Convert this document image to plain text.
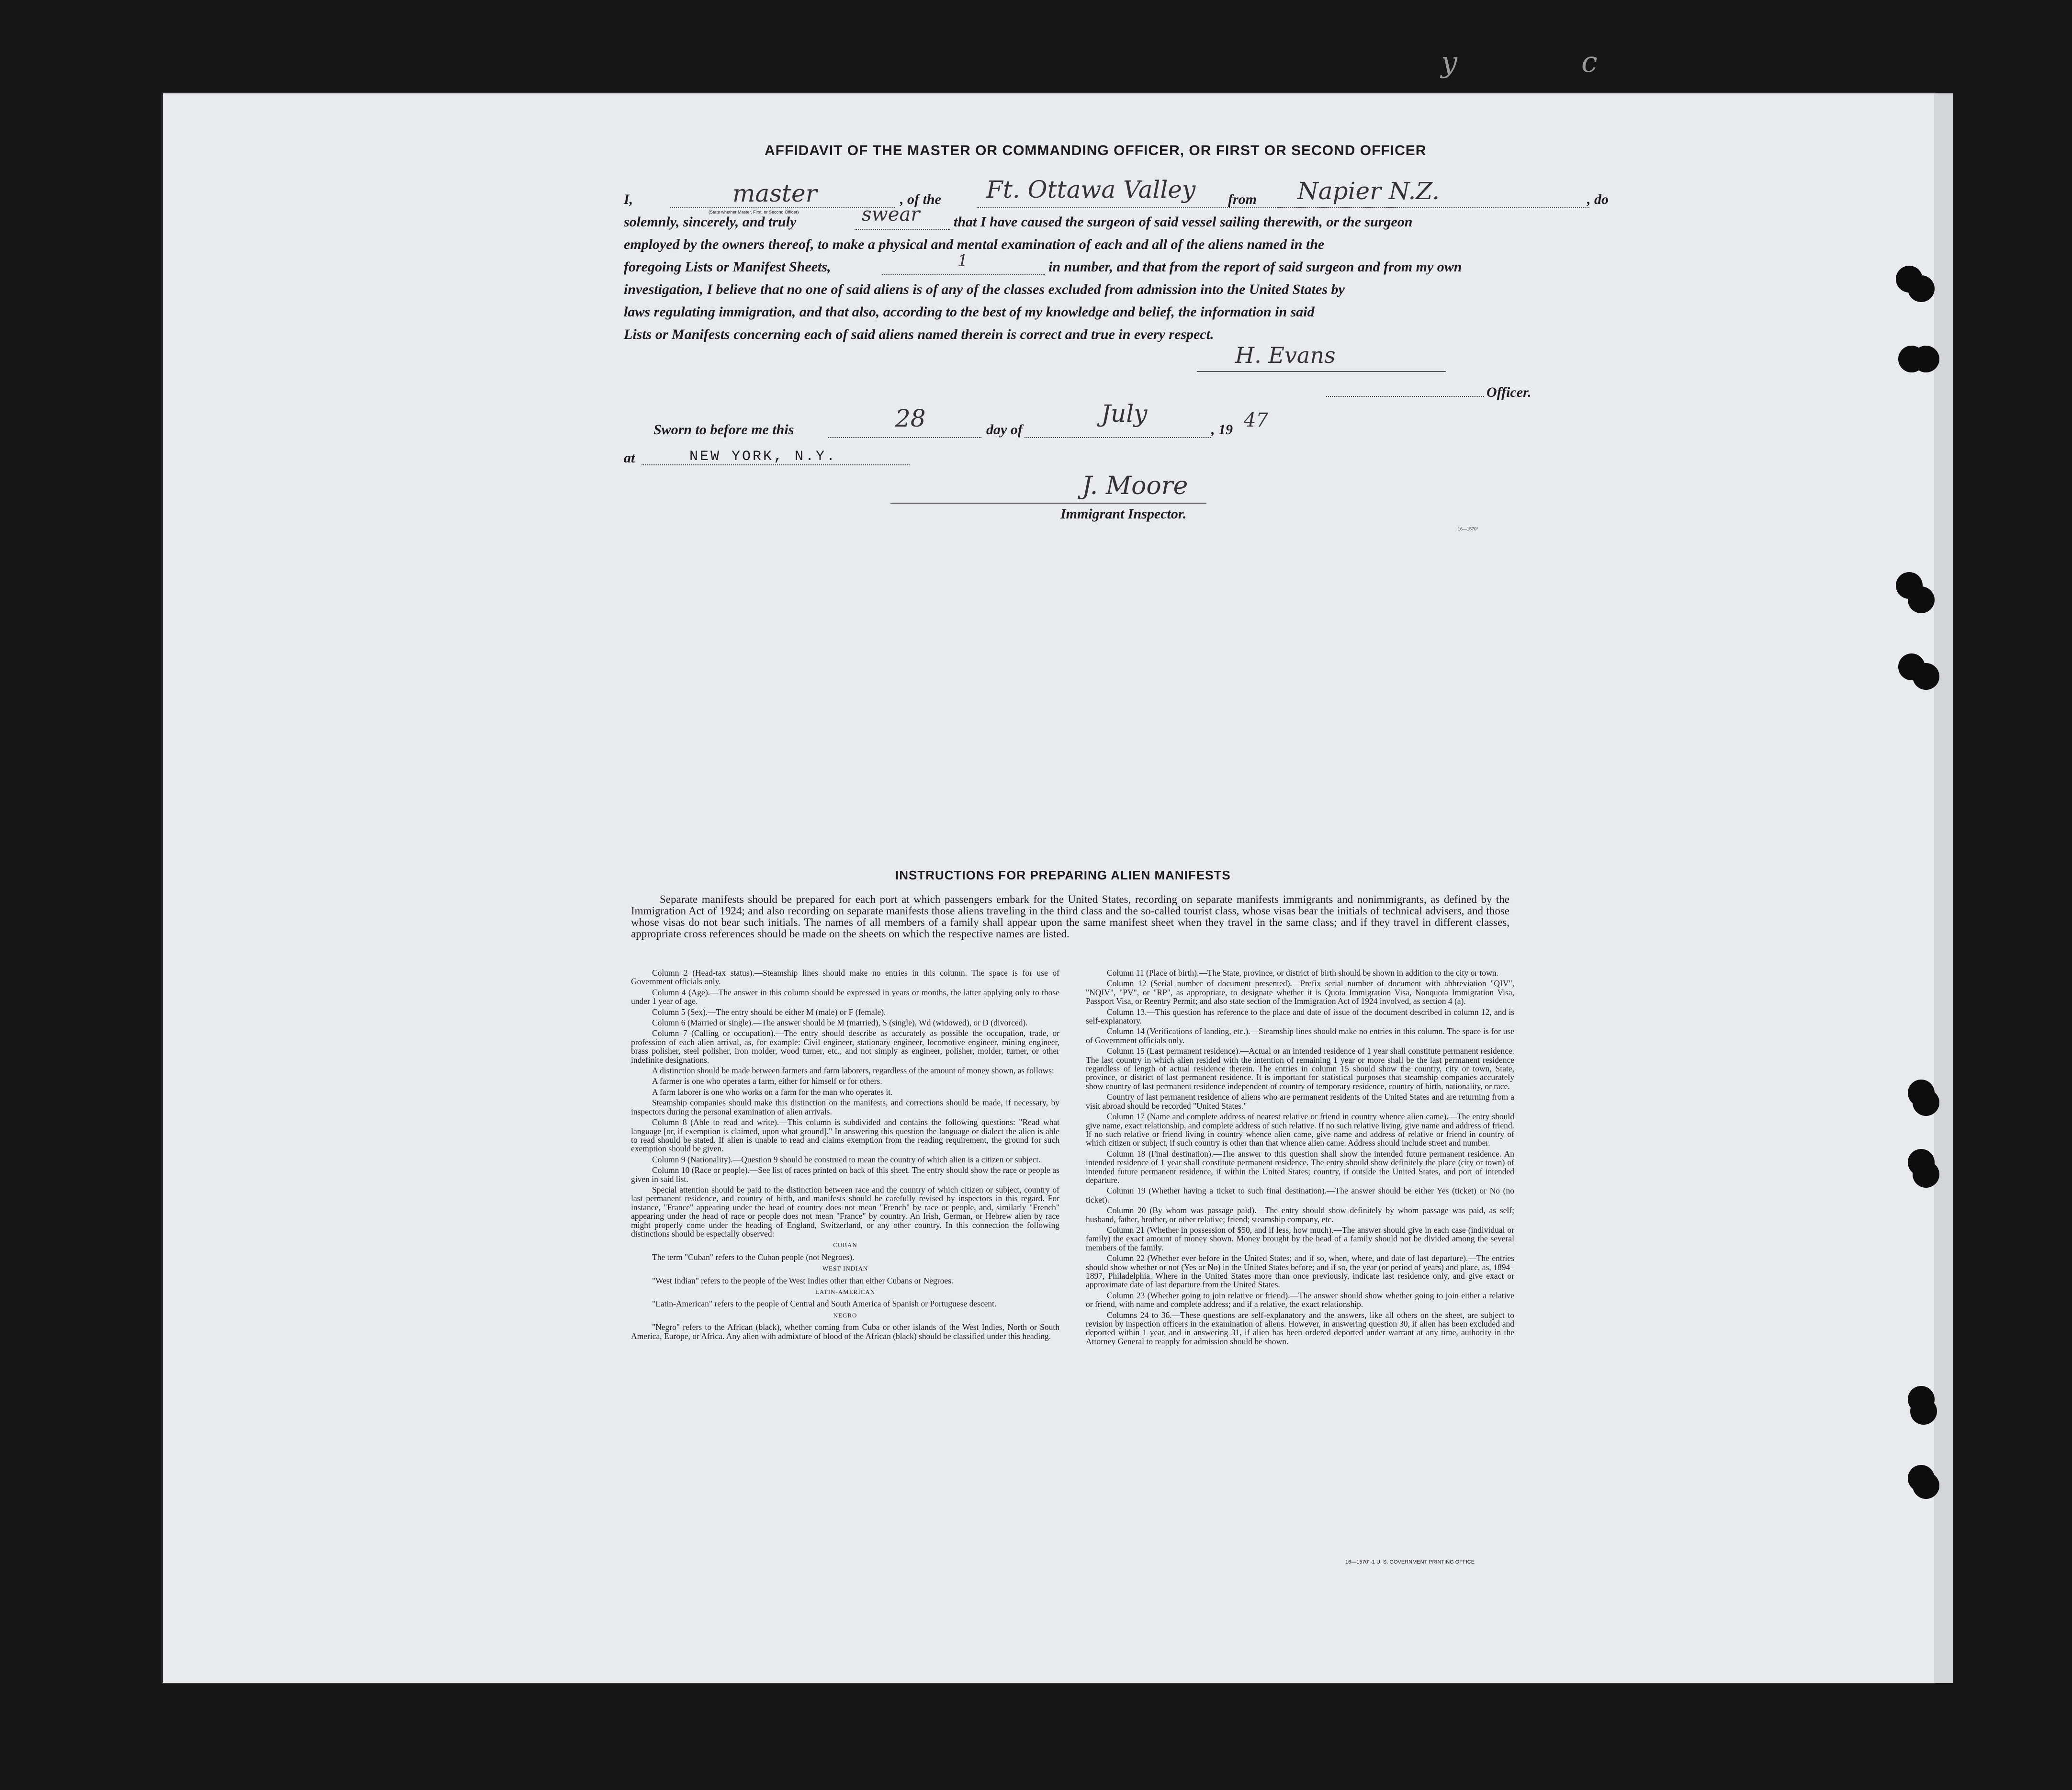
y c
AFFIDAVIT OF THE MASTER OR COMMANDING OFFICER, OR FIRST OR SECOND OFFICER
I,	master
(State whether Master, First, or Second Officer)
, of the Ft. Ottawa Valley from Napier N.Z.	, do
solemnly, sincerely, and truly	swear that I have caused the surgeon of said vessel sailing therewith, or the surgeon
employed by the owners thereof, to make a physical and mental examination of each and all of the aliens named in the
foregoing Lists or Manifest Sheets,	1	in number, and that from the report of said surgeon and from my own
investigation, I believe that no one of said aliens is of any of the classes excluded from admission into the United States by
laws regulating immigration, and that also, according to the best of my knowledge and belief, the information in said
Lists or Manifests concerning each of said aliens named therein is correct and true in every respect.
H. Evans
Officer.
Sworn to before me this	28	day of
July
, 19 47
at	NEW YORK, N.Y.
J. Moore
Immigrant Inspector.
16—1570°
INSTRUCTIONS FOR PREPARING ALIEN MANIFESTS
Separate manifests should be prepared for each port at which passengers embark for the United States, recording on separate manifests immigrants and nonimmigrants, as defined by the Immigration Act of 1924; and also recording on separate manifests those aliens traveling in the third class and the so-called tourist class, whose visas bear the initials of technical advisers, and those whose visas do not bear such initials. The names of all members of a family shall appear upon the same manifest sheet when they travel in the same class; and if they travel in different classes, appropriate cross references should be made on the sheets on which the respective names are listed.

Column 2 (Head-tax status).—Steamship lines should make no entries in this column. The space is for use of Government officials only.

Column 4 (Age).—The answer in this column should be expressed in years or months, the latter applying only to those under 1 year of age.

Column 5 (Sex).—The entry should be either M (male) or F (female).

Column 6 (Married or single).—The answer should be M (married), S (single), Wd (widowed), or D (divorced).

Column 7 (Calling or occupation).—The entry should describe as accurately as possible the occupation, trade, or profession of each alien arrival, as, for example: Civil engineer, stationary engineer, locomotive engineer, mining engineer, brass polisher, steel polisher, iron molder, wood turner, etc., and not simply as engineer, polisher, molder, turner, or other indefinite designations.

A distinction should be made between farmers and farm laborers, regardless of the amount of money shown, as follows:

A farmer is one who operates a farm, either for himself or for others.

A farm laborer is one who works on a farm for the man who operates it.

Steamship companies should make this distinction on the manifests, and corrections should be made, if necessary, by inspectors during the personal examination of alien arrivals.

Column 8 (Able to read and write).—This column is subdivided and contains the following questions: "Read what language [or, if exemption is claimed, upon what ground]." In answering this question the language or dialect the alien is able to read should be stated. If alien is unable to read and claims exemption from the reading requirement, the ground for such exemption should be given.

Column 9 (Nationality).—Question 9 should be construed to mean the country of which alien is a citizen or subject.

Column 10 (Race or people).—See list of races printed on back of this sheet. The entry should show the race or people as given in said list.

Special attention should be paid to the distinction between race and the country of which citizen or subject, country of last permanent residence, and country of birth, and manifests should be carefully revised by inspectors in this regard. For instance, "France" appearing under the head of country does not mean "French" by race or people, and, similarly "French" appearing under the head of race or people does not mean "France" by country. An Irish, German, or Hebrew alien by race might properly come under the heading of England, Switzerland, or any other country. In this connection the following distinctions should be especially observed:

CUBAN

The term "Cuban" refers to the Cuban people (not Negroes).

WEST INDIAN

"West Indian" refers to the people of the West Indies other than either Cubans or Negroes.

LATIN-AMERICAN

"Latin-American" refers to the people of Central and South America of Spanish or Portuguese descent.

NEGRO

"Negro" refers to the African (black), whether coming from Cuba or other islands of the West Indies, North or South America, Europe, or Africa. Any alien with admixture of blood of the African (black) should be classified under this heading.

Column 11 (Place of birth).—The State, province, or district of birth should be shown in addition to the city or town.

Column 12 (Serial number of document presented).—Prefix serial number of document with abbreviation "QIV", "NQIV", "PV", or "RP", as appropriate, to designate whether it is Quota Immigration Visa, Nonquota Immigration Visa, Passport Visa, or Reentry Permit; and also state section of the Immigration Act of 1924 involved, as section 4 (a).

Column 13.—This question has reference to the place and date of issue of the document described in column 12, and is self-explanatory.

Column 14 (Verifications of landing, etc.).—Steamship lines should make no entries in this column. The space is for use of Government officials only.

Column 15 (Last permanent residence).—Actual or an intended residence of 1 year shall constitute permanent residence. The last country in which alien resided with the intention of remaining 1 year or more shall be the last permanent residence regardless of length of actual residence therein. The entries in column 15 should show the country, city or town, State, province, or district of last permanent residence. It is important for statistical purposes that steamship companies accurately show country of last permanent residence independent of country of temporary residence, country of birth, nationality, or race.

Country of last permanent residence of aliens who are permanent residents of the United States and are returning from a visit abroad should be recorded "United States."

Column 17 (Name and complete address of nearest relative or friend in country whence alien came).—The entry should give name, exact relationship, and complete address of such relative. If no such relative living, give name and address of friend. If no such relative or friend living in country whence alien came, give name and address of relative or friend in country of which citizen or subject, if such country is other than that whence alien came. Address should include street and number.

Column 18 (Final destination).—The answer to this question shall show the intended future permanent residence. An intended residence of 1 year shall constitute permanent residence. The entry should show definitely the place (city or town) of intended future permanent residence, if within the United States; country, if outside the United States, and port of intended departure.

Column 19 (Whether having a ticket to such final destination).—The answer should be either Yes (ticket) or No (no ticket).

Column 20 (By whom was passage paid).—The entry should show definitely by whom passage was paid, as self; husband, father, brother, or other relative; friend; steamship company, etc.

Column 21 (Whether in possession of $50, and if less, how much).—The answer should give in each case (individual or family) the exact amount of money shown. Money brought by the head of a family should not be divided among the several members of the family.

Column 22 (Whether ever before in the United States; and if so, when, where, and date of last departure).—The entries should show whether or not (Yes or No) in the United States before; and if so, the year (or period of years) and place, as, 1894–1897, Philadelphia. Where in the United States more than once previously, indicate last residence only, and give exact or approximate date of last departure from the United States.

Column 23 (Whether going to join relative or friend).—The answer should show whether going to join either a relative or friend, with name and complete address; and if a relative, the exact relationship.

Columns 24 to 36.—These questions are self-explanatory and the answers, like all others on the sheet, are subject to revision by inspection officers in the examination of aliens. However, in answering question 30, if alien has been excluded and deported within 1 year, and in answering 31, if alien has been ordered deported under warrant at any time, authority in the Attorney General to reapply for admission should be shown.

16—1570°-1 U. S. GOVERNMENT PRINTING OFFICE
